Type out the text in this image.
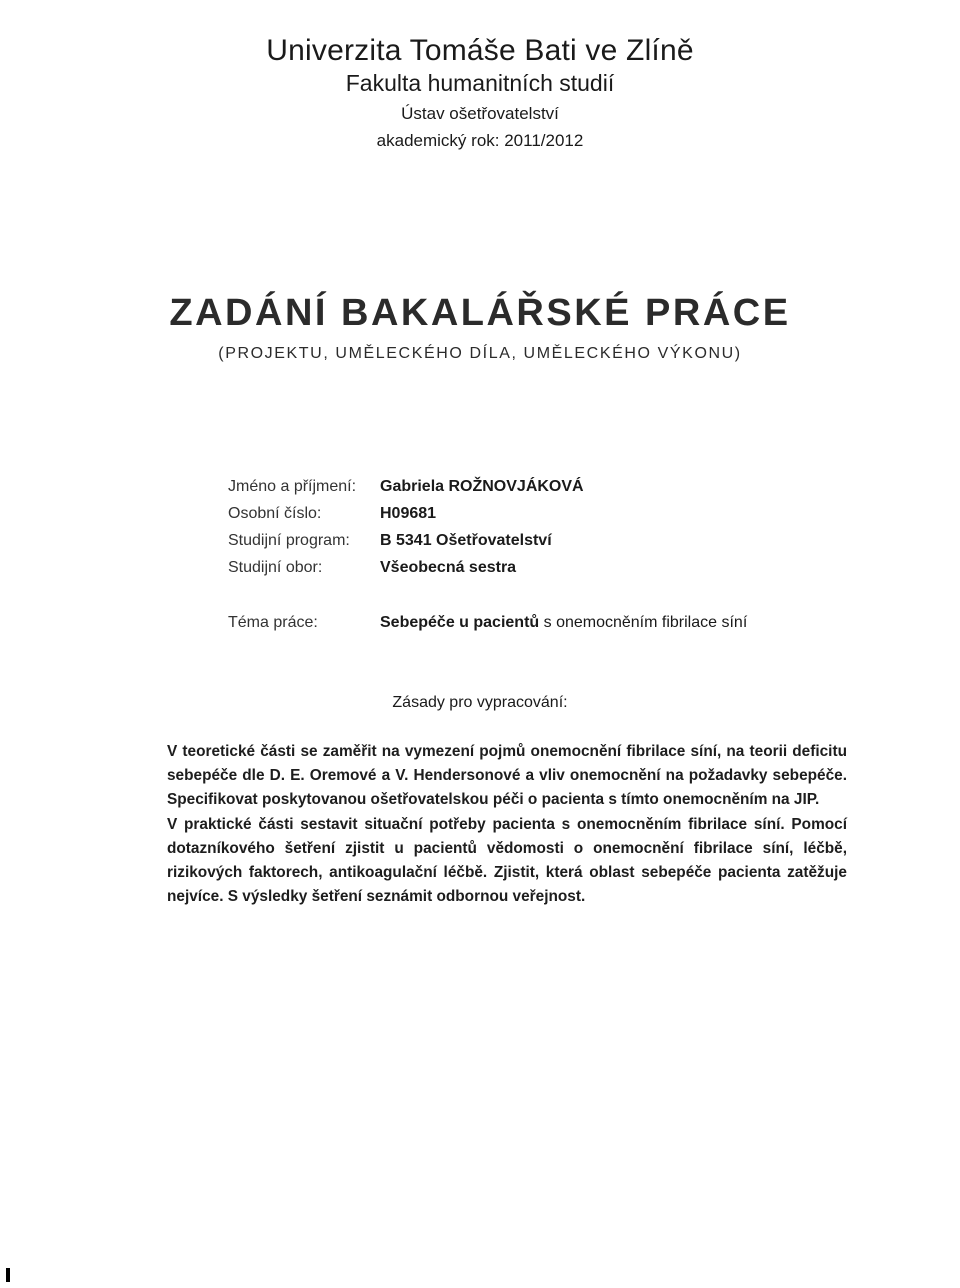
Univerzita Tomáše Bati ve Zlíně
Fakulta humanitních studií
Ústav ošetřovatelství
akademický rok: 2011/2012
ZADÁNÍ BAKALÁŘSKÉ PRÁCE
(PROJEKTU, UMĚLECKÉHO DÍLA, UMĚLECKÉHO VÝKONU)
Jméno a příjmení:	Gabriela ROŽNOVJÁKOVÁ
Osobní číslo:	H09681
Studijní program:	B 5341 Ošetřovatelství
Studijní obor:	Všeobecná sestra
Téma práce:	Sebepéče u pacientů s onemocněním fibrilace síní
Zásady pro vypracování:

V teoretické části se zaměřit na vymezení pojmů onemocnění fibrilace síní, na teorii deficitu sebepéče dle D. E. Oremové a V. Hendersonové a vliv onemocnění na požadavky sebepéče. Specifikovat poskytovanou ošetřovatelskou péči o pacienta s tímto onemocněním na JIP.

V praktické části sestavit situační potřeby pacienta s onemocněním fibrilace síní. Pomocí dotazníkového šetření zjistit u pacientů vědomosti o onemocnění fibrilace síní, léčbě, rizikových faktorech, antikoagulační léčbě. Zjistit, která oblast sebepéče pacienta zatěžuje nejvíce. S výsledky šetření seznámit odbornou veřejnost.
